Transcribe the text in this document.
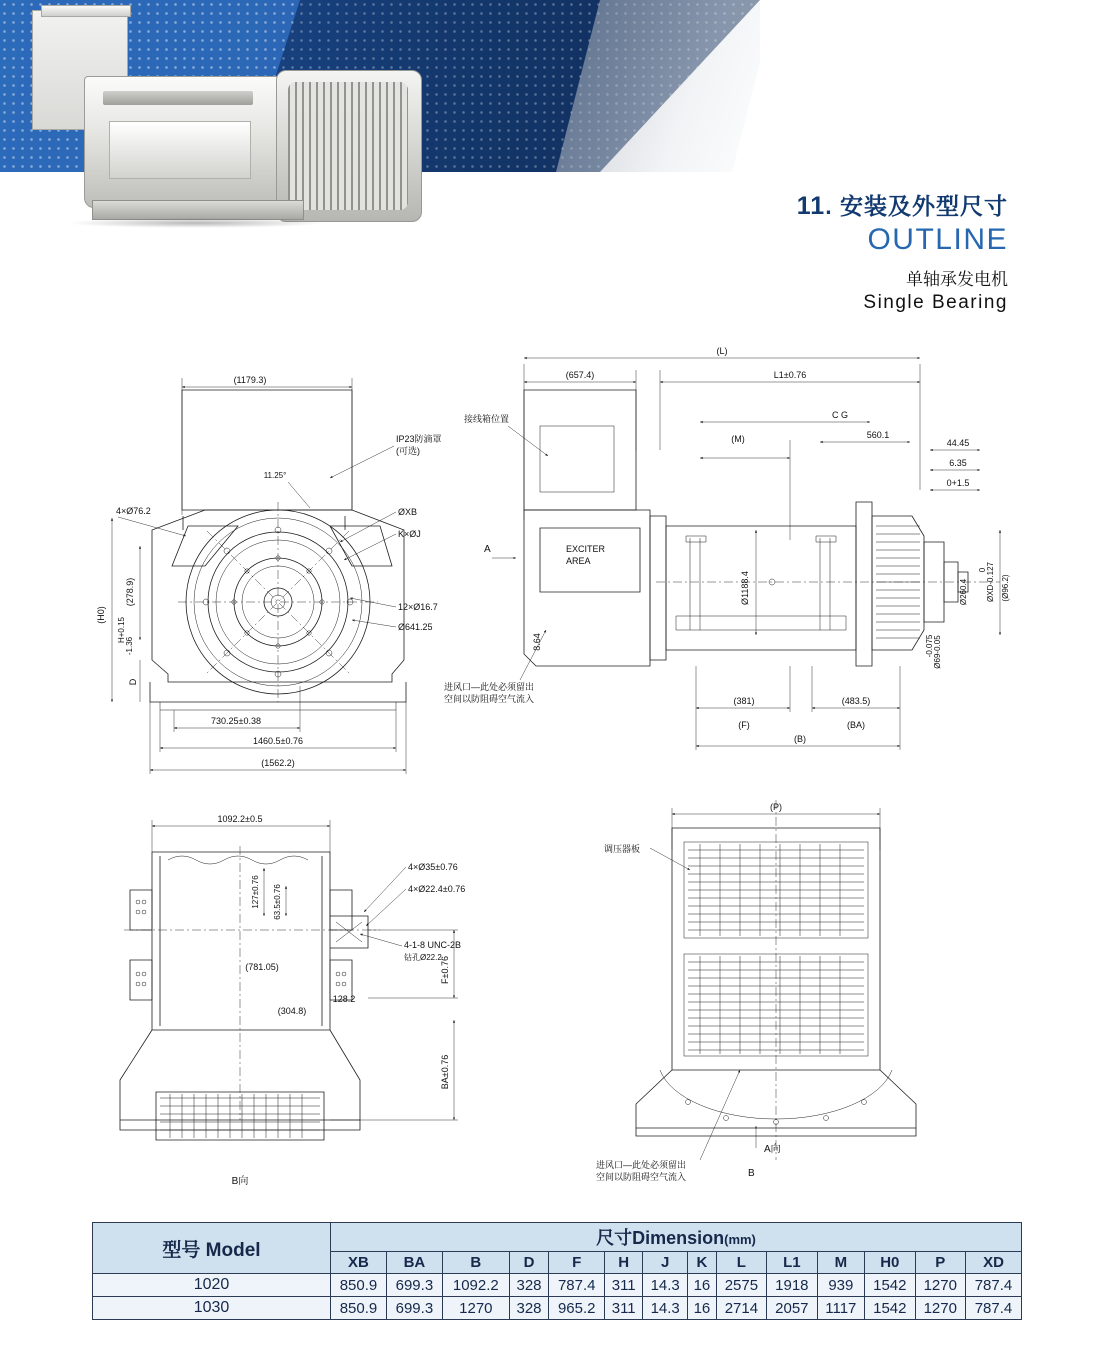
11. 安装及外型尺寸
OUTLINE
单轴承发电机
Single Bearing
(1179.3)
(H0)
(278.9)
H+0.15
-1.36
D
4×Ø76.2
11.25°
IP23防滴罩
(可选)
ØXB
K×ØJ
12×Ø16.7
Ø641.25
730.25±0.38
1460.5±0.76
(1562.2)
(L)
(657.4)	L1±0.76
C G
(M)	560.1
接线箱位置
EXCITER
AREA
A
44.45
6.35
0+1.5
ØXD-0.127
0
(Ø96.2)
Ø260.4
Ø69-0.05
-0.075
Ø1188.4
8.64
(381)	(483.5)
(F)	(BA)
(B)
进风口—此处必须留出
空间以防阻碍空气流入
1092.2±0.5
127±0.76 63.5±0.76
4×Ø35±0.76
4×Ø22.4±0.76
4-1-8 UNC-2B
钻孔Ø22.2
(781.05)
128.2
(304.8)
F±0.76
BA±0.76
B向
(P)
调压器板
进风口—此处必须留出
空间以防阻碍空气流入
A向
B
型号 Model	尺寸Dimension(mm)													
	XB	BA	B	D	F	H	J	K	L	L1	M	H0	P	XD
1020	850.9	699.3	1092.2	328	787.4	311	14.3	16	2575	1918	939	1542	1270	787.4
1030	850.9	699.3	1270	328	965.2	311	14.3	16	2714	2057	1117	1542	1270	787.4
